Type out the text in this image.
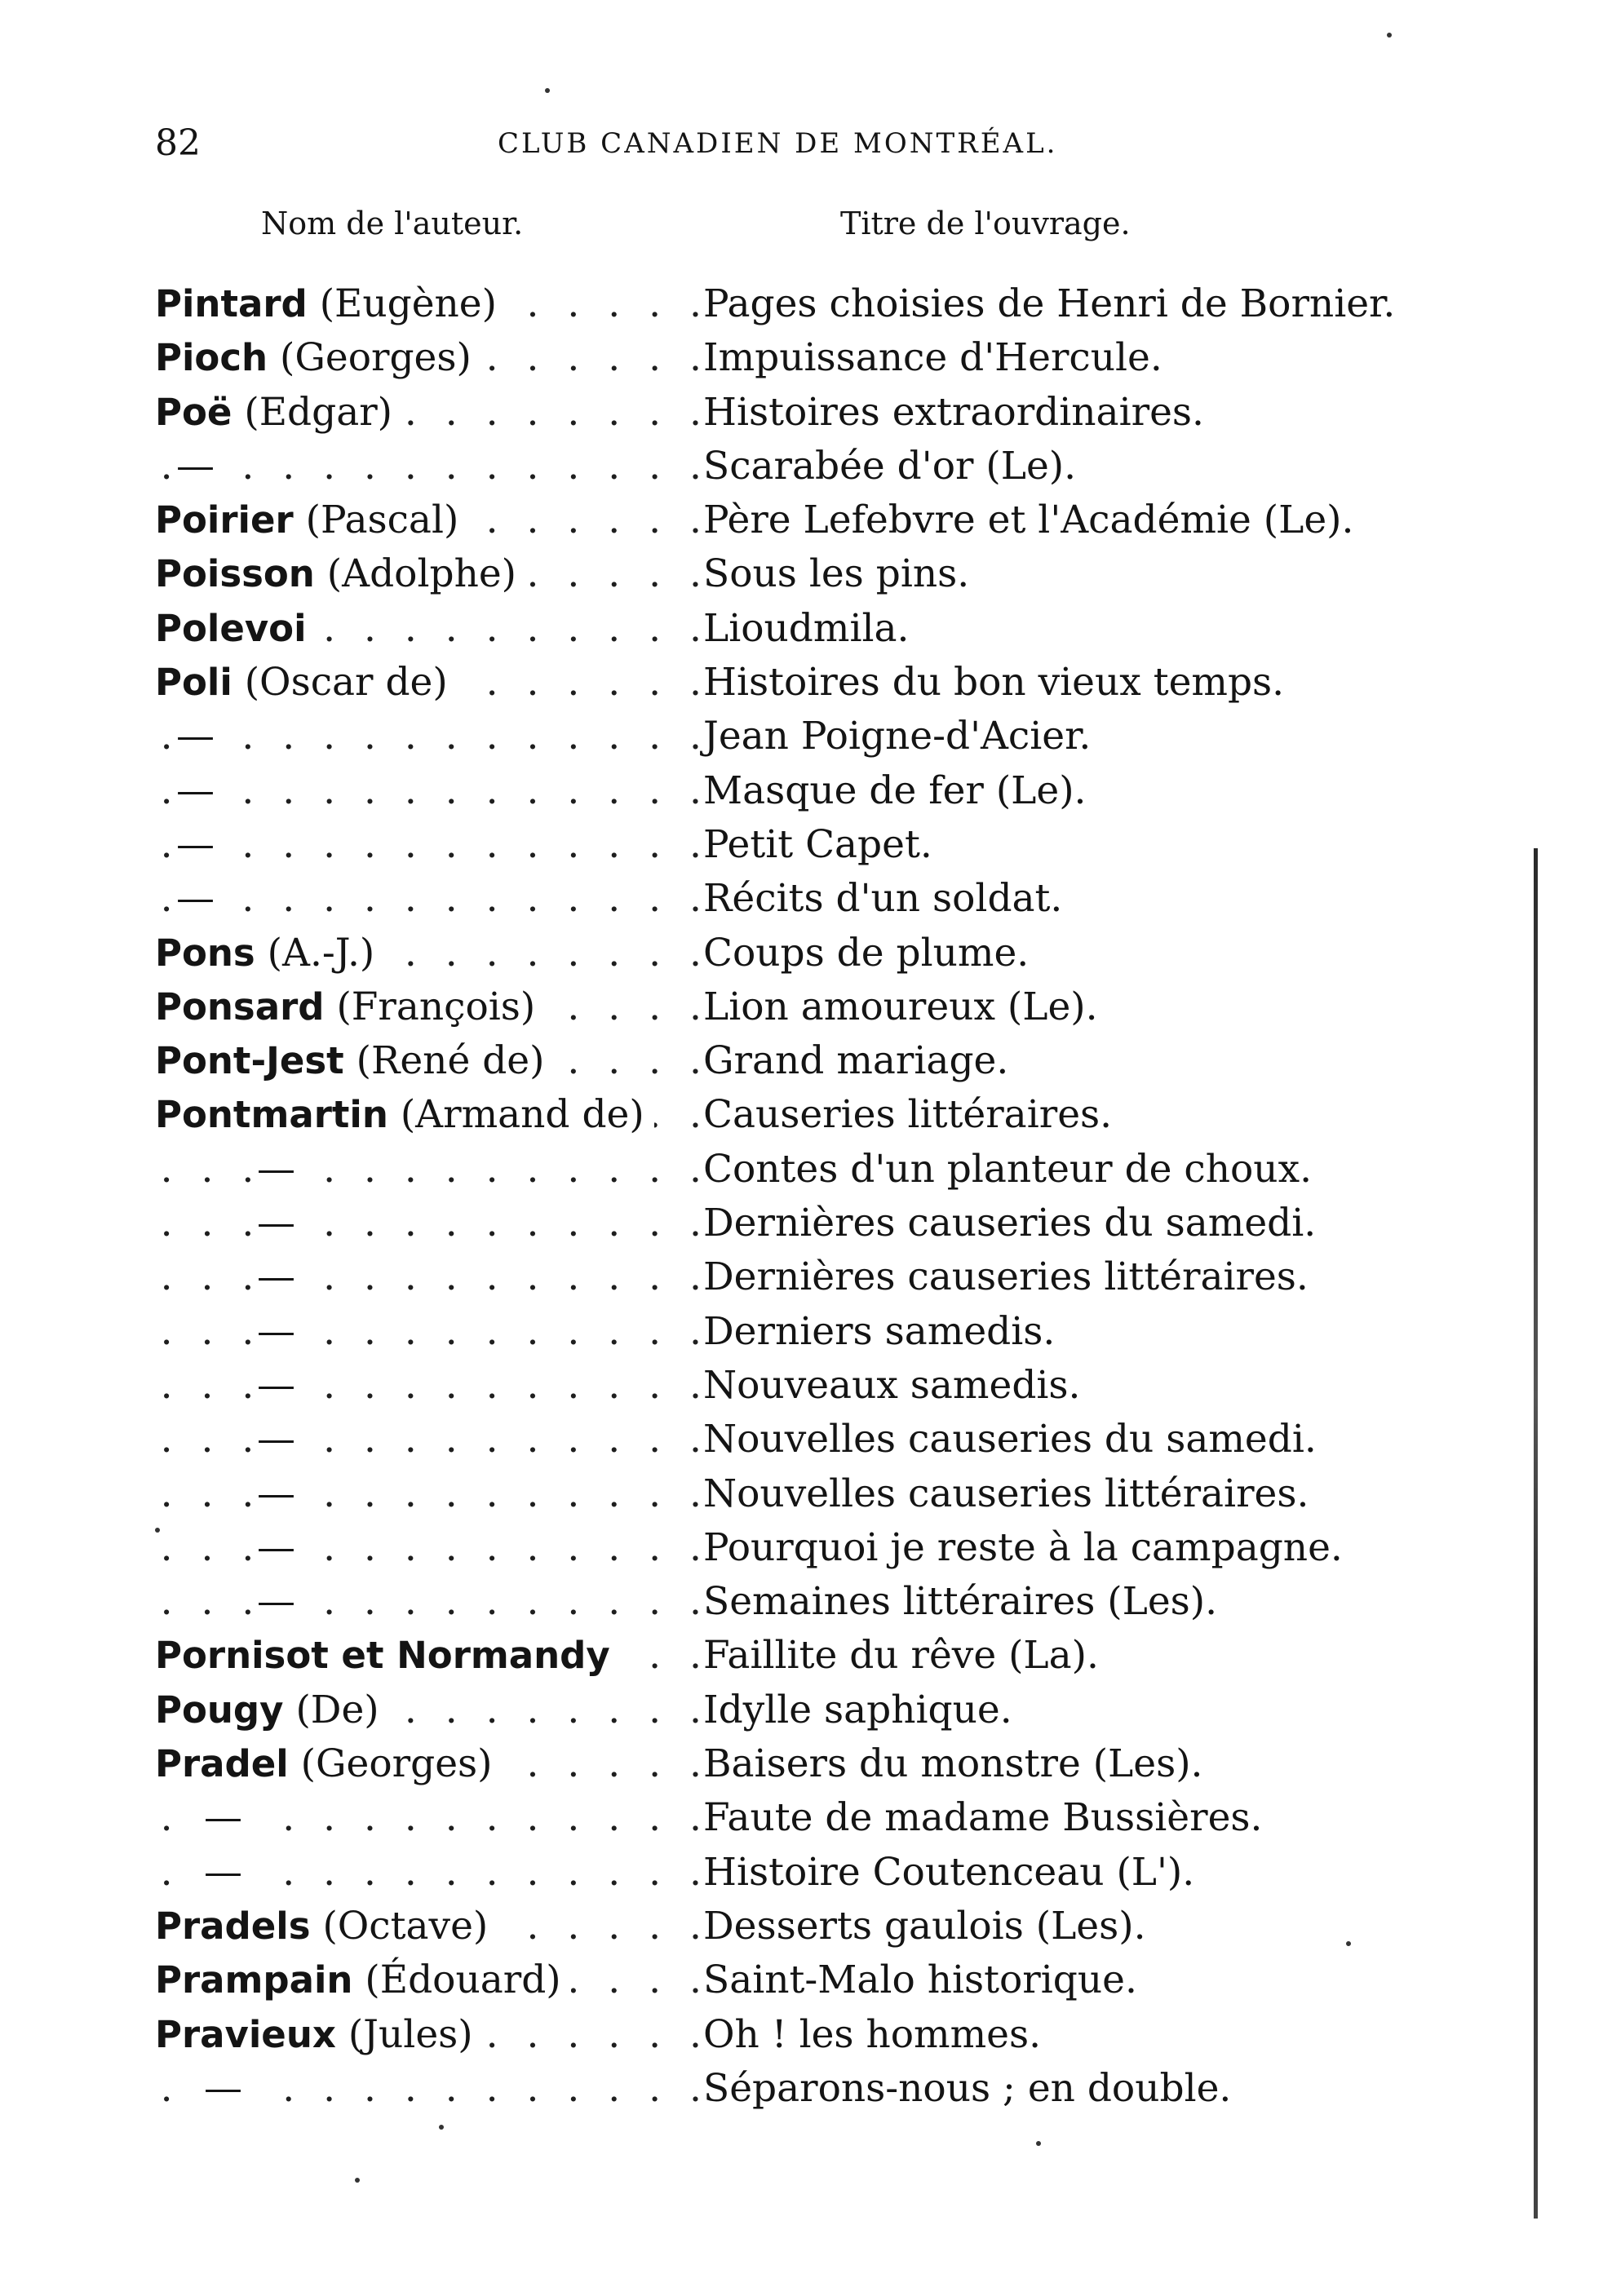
82	CLUB CANADIEN DE MONTRÉAL.
Nom de l'auteur.	Titre de l'ouvrage.
. . .
Pintard (Eugène)	Pages choisies de Henri de Bornier.
. . .
Pioch (Georges)	Impuissance d'Hercule.
. . .
Poë (Edgar)	Histoires extraordinaires.
. . .
—	Scarabée d'or (Le).
. . .
Poirier (Pascal)	Père Lefebvre et l'Académie (Le).
. . .
Poisson (Adolphe)	Sous les pins.
. . .
Polevoi	Lioudmila.
. . .
Poli (Oscar de)	Histoires du bon vieux temps.
. . .
—	Jean Poigne-d'Acier.
. . .
—	Masque de fer (Le).
. . .
—	Petit Capet.
. . .
—	Récits d'un soldat.
. . .
Pons (A.-J.)	Coups de plume.
. . .
Ponsard (François)	Lion amoureux (Le).
. . .
Pont-Jest (René de)	Grand mariage.
. . .
Pontmartin (Armand de)	Causeries littéraires.
. . .
—	Contes d'un planteur de choux.
. . .
—	Dernières causeries du samedi.
. . .
—	Dernières causeries littéraires.
. . .
—	Derniers samedis.
. . .
—	Nouveaux samedis.
. . .
—	Nouvelles causeries du samedi.
. . .
—	Nouvelles causeries littéraires.
. . .
—	Pourquoi je reste à la campagne.
. . .
—	Semaines littéraires (Les).
. . .
Pornisot et Normandy	Faillite du rêve (La).
. . .
Pougy (De)	Idylle saphique.
. . .
Pradel (Georges)	Baisers du monstre (Les).
. . .
—	Faute de madame Bussières.
. . .
—	Histoire Coutenceau (L').
. . .
Pradels (Octave)	Desserts gaulois (Les).
. . .
Prampain (Édouard)	Saint-Malo historique.
. . .
Pravieux (Jules)	Oh ! les hommes.
. . .
—	Séparons-nous ; en double.
